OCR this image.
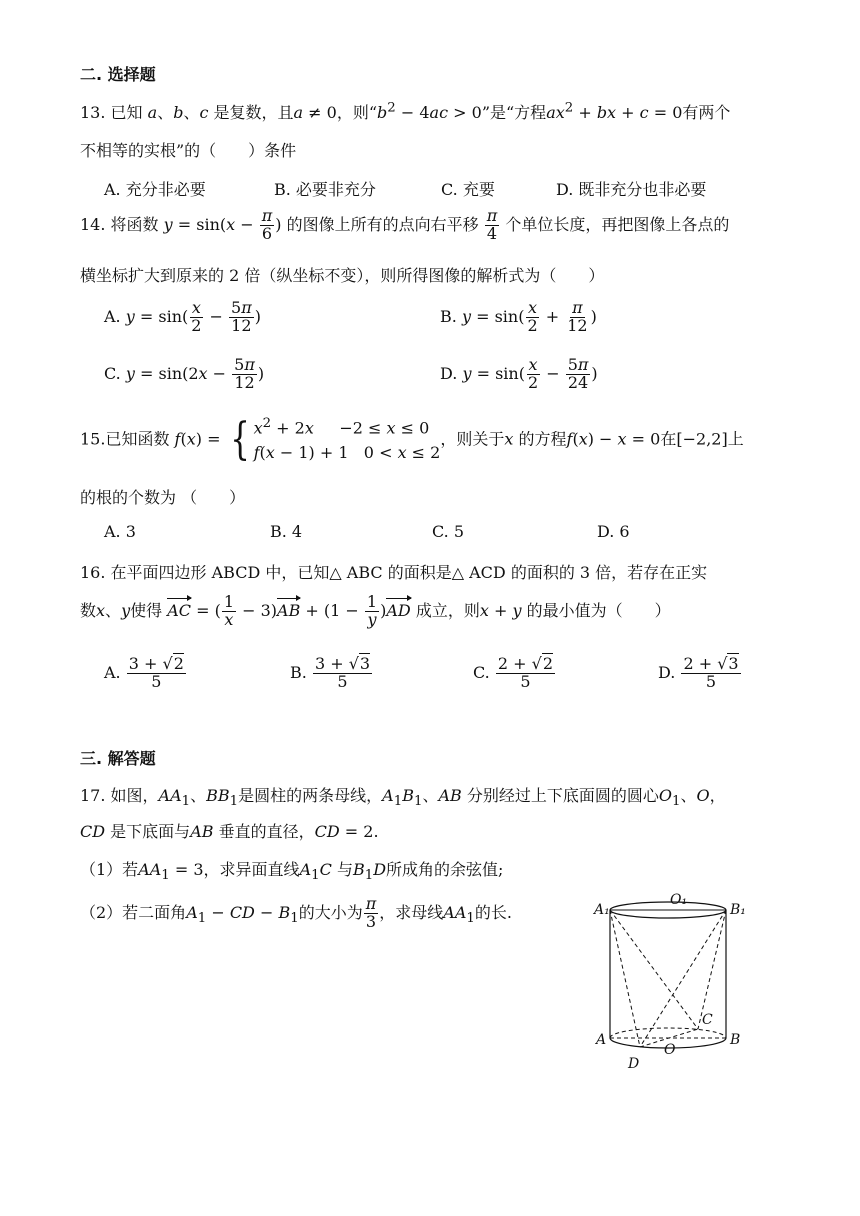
二. 选择题
13. 已知 a、b、c 是复数，且a ≠ 0，则“$b^2 - 4ac > 0$”是“方程$ax^2$ + bx + c = 0有两个
不相等的实根”的（　　）条件
A. 充分非必要	B. 必要非充分	C. 充要	D. 既非充分也非必要
14. 将函数 $y = \sin(x - \frac{\pi}{6}$ ) 的图像上所有的点向右平移 $\frac{\pi}{4}$ 个单位长度，再把图像上各点的
横坐标扩大到原来的 2 倍（纵坐标不变），则所得图像的解析式为（　　）
A. $y = \sin( \frac{x}{2} - \frac{5\pi}{12}$ )	B. $y = \sin( \frac{x}{2} + \frac{\pi}{12}$ )
C. $y = \sin(2x - \frac{5\pi}{12}$ )	D. $y = \sin( \frac{x}{2} - \frac{5\pi}{24}$ )
15.已知函数 f(x) = { $x^2 + 2x$     −2 ≤ x ≤ 0
f(x − 1) + 1   0 < x ≤ 2
，则关于x 的方程f(x) − x = 0在[−2,2]上
的根的个数为 （　　）
A. 3	B. 4	C. 5	D. 6
16. 在平面四边形 ABCD 中，已知△ ABC 的面积是△ ACD 的面积的 3 倍，若存在正实
数x、y使得 AC = ( $\frac{1}{x} - 3)AB + (1 - \frac{1}{y} )AD$ 成立，则x + y 的最小值为（　　）
A. $\frac{3 + √2}{5}$	B. $\frac{3 + √3}{5}$	C. $\frac{2 + √2}{5}$	D. $\frac{2 + √3}{5}$
三. 解答题
17. 如图，$AA_1$、$BB_1$是圆柱的两条母线，$A_1B_1$、AB 分别经过上下底面圆的圆心$O_1$、O，
CD 是下底面与AB 垂直的直径，CD = 2.
（1）若$AA_1 = 3$，求异面直线$A_1C$ 与$B_1D$所成角的余弦值;
（2）若二面角$A_1$ − CD − $B_1$的大小为 $\frac{\pi}{3}$ ，求母线$AA_1$的长.	A₁
O₁
B₁
A	B
C
D
O
